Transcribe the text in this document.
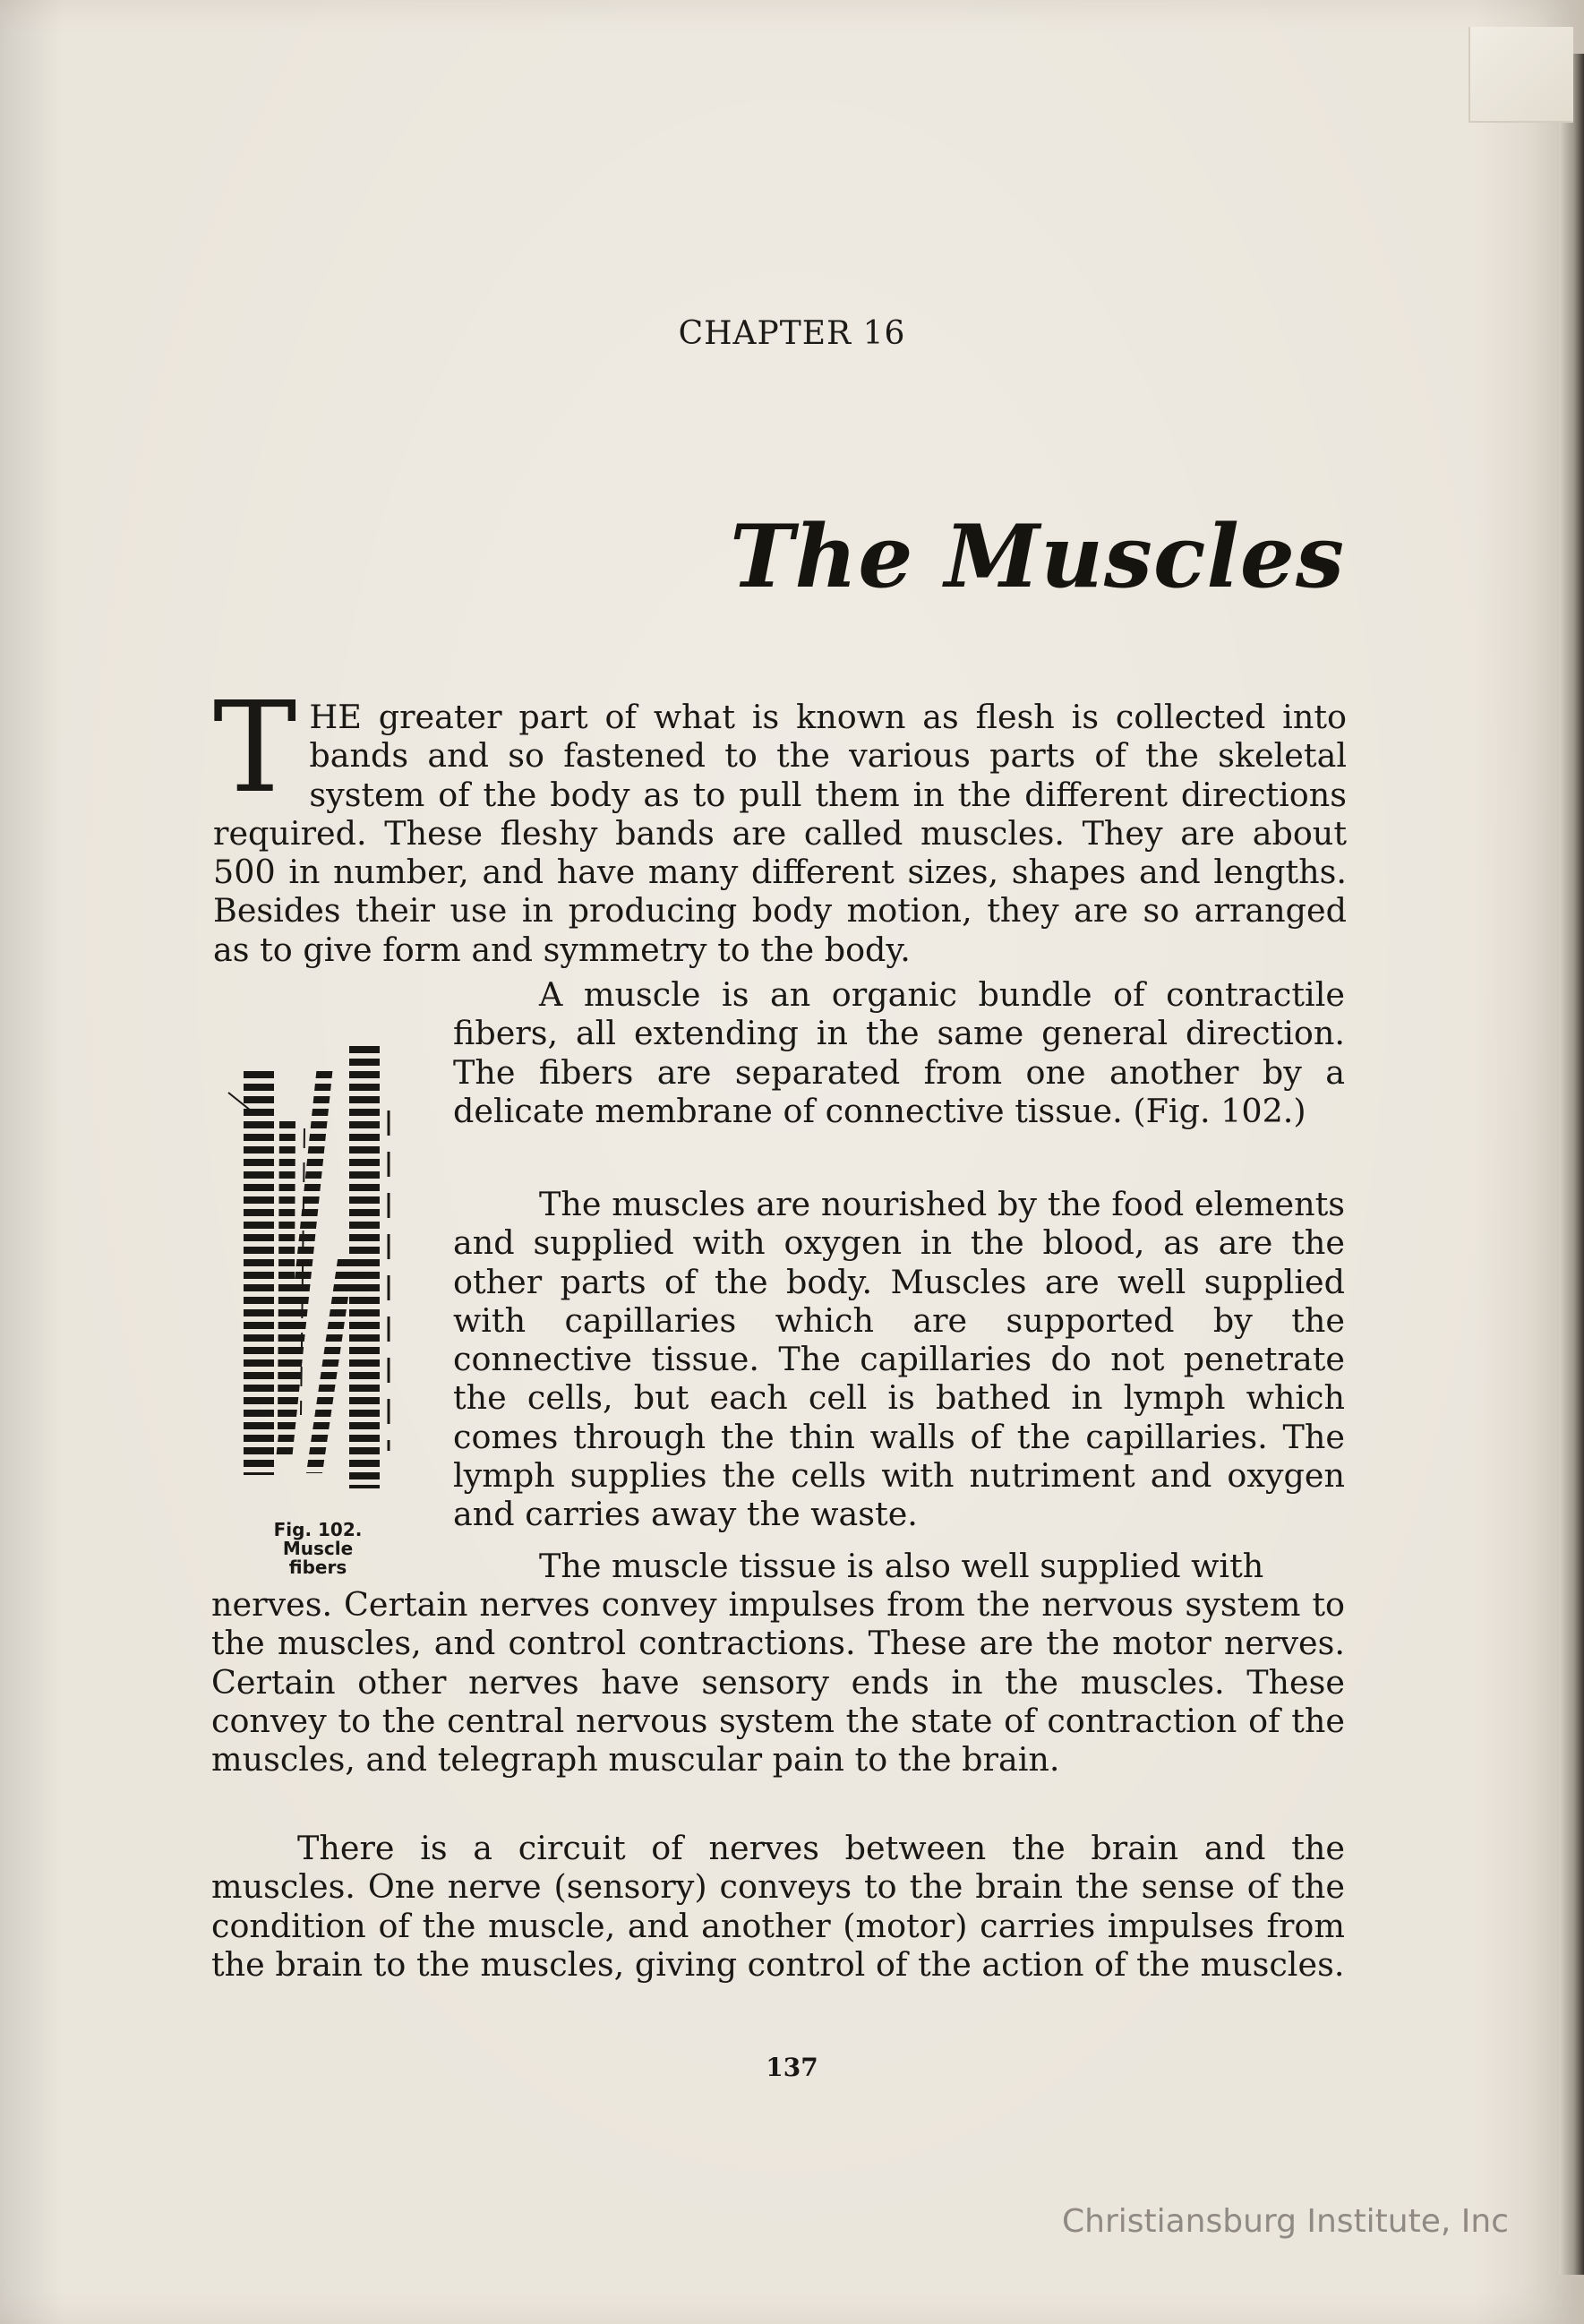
CHAPTER 16
The Muscles
THE greater part of what is known as flesh is collected into bands and so fastened to the various parts of the skeletal system of the body as to pull them in the different directions required. These fleshy bands are called muscles. They are about 500 in number, and have many different sizes, shapes and lengths. Besides their use in producing body motion, they are so arranged as to give form and symmetry to the body.
Fig. 102.
Muscle
fibers
A muscle is an organic bundle of contractile fibers, all extending in the same general direction. The fibers are separated from one another by a delicate membrane of connective tissue. (Fig. 102.)
The muscles are nourished by the food elements and supplied with oxygen in the blood, as are the other parts of the body. Muscles are well supplied with capillaries which are supported by the connective tissue. The capillaries do not penetrate the cells, but each cell is bathed in lymph which comes through the thin walls of the capillaries. The lymph supplies the cells with nutriment and oxygen and carries away the waste.
The muscle tissue is also well supplied with
nerves. Certain nerves convey impulses from the nervous system to the muscles, and control contractions. These are the motor nerves. Certain other nerves have sensory ends in the muscles. These convey to the central nervous system the state of contraction of the muscles, and telegraph muscular pain to the brain.
There is a circuit of nerves between the brain and the muscles. One nerve (sensory) conveys to the brain the sense of the condition of the muscle, and another (motor) carries impulses from the brain to the muscles, giving control of the action of the muscles.
137
Christiansburg Institute, Inc
